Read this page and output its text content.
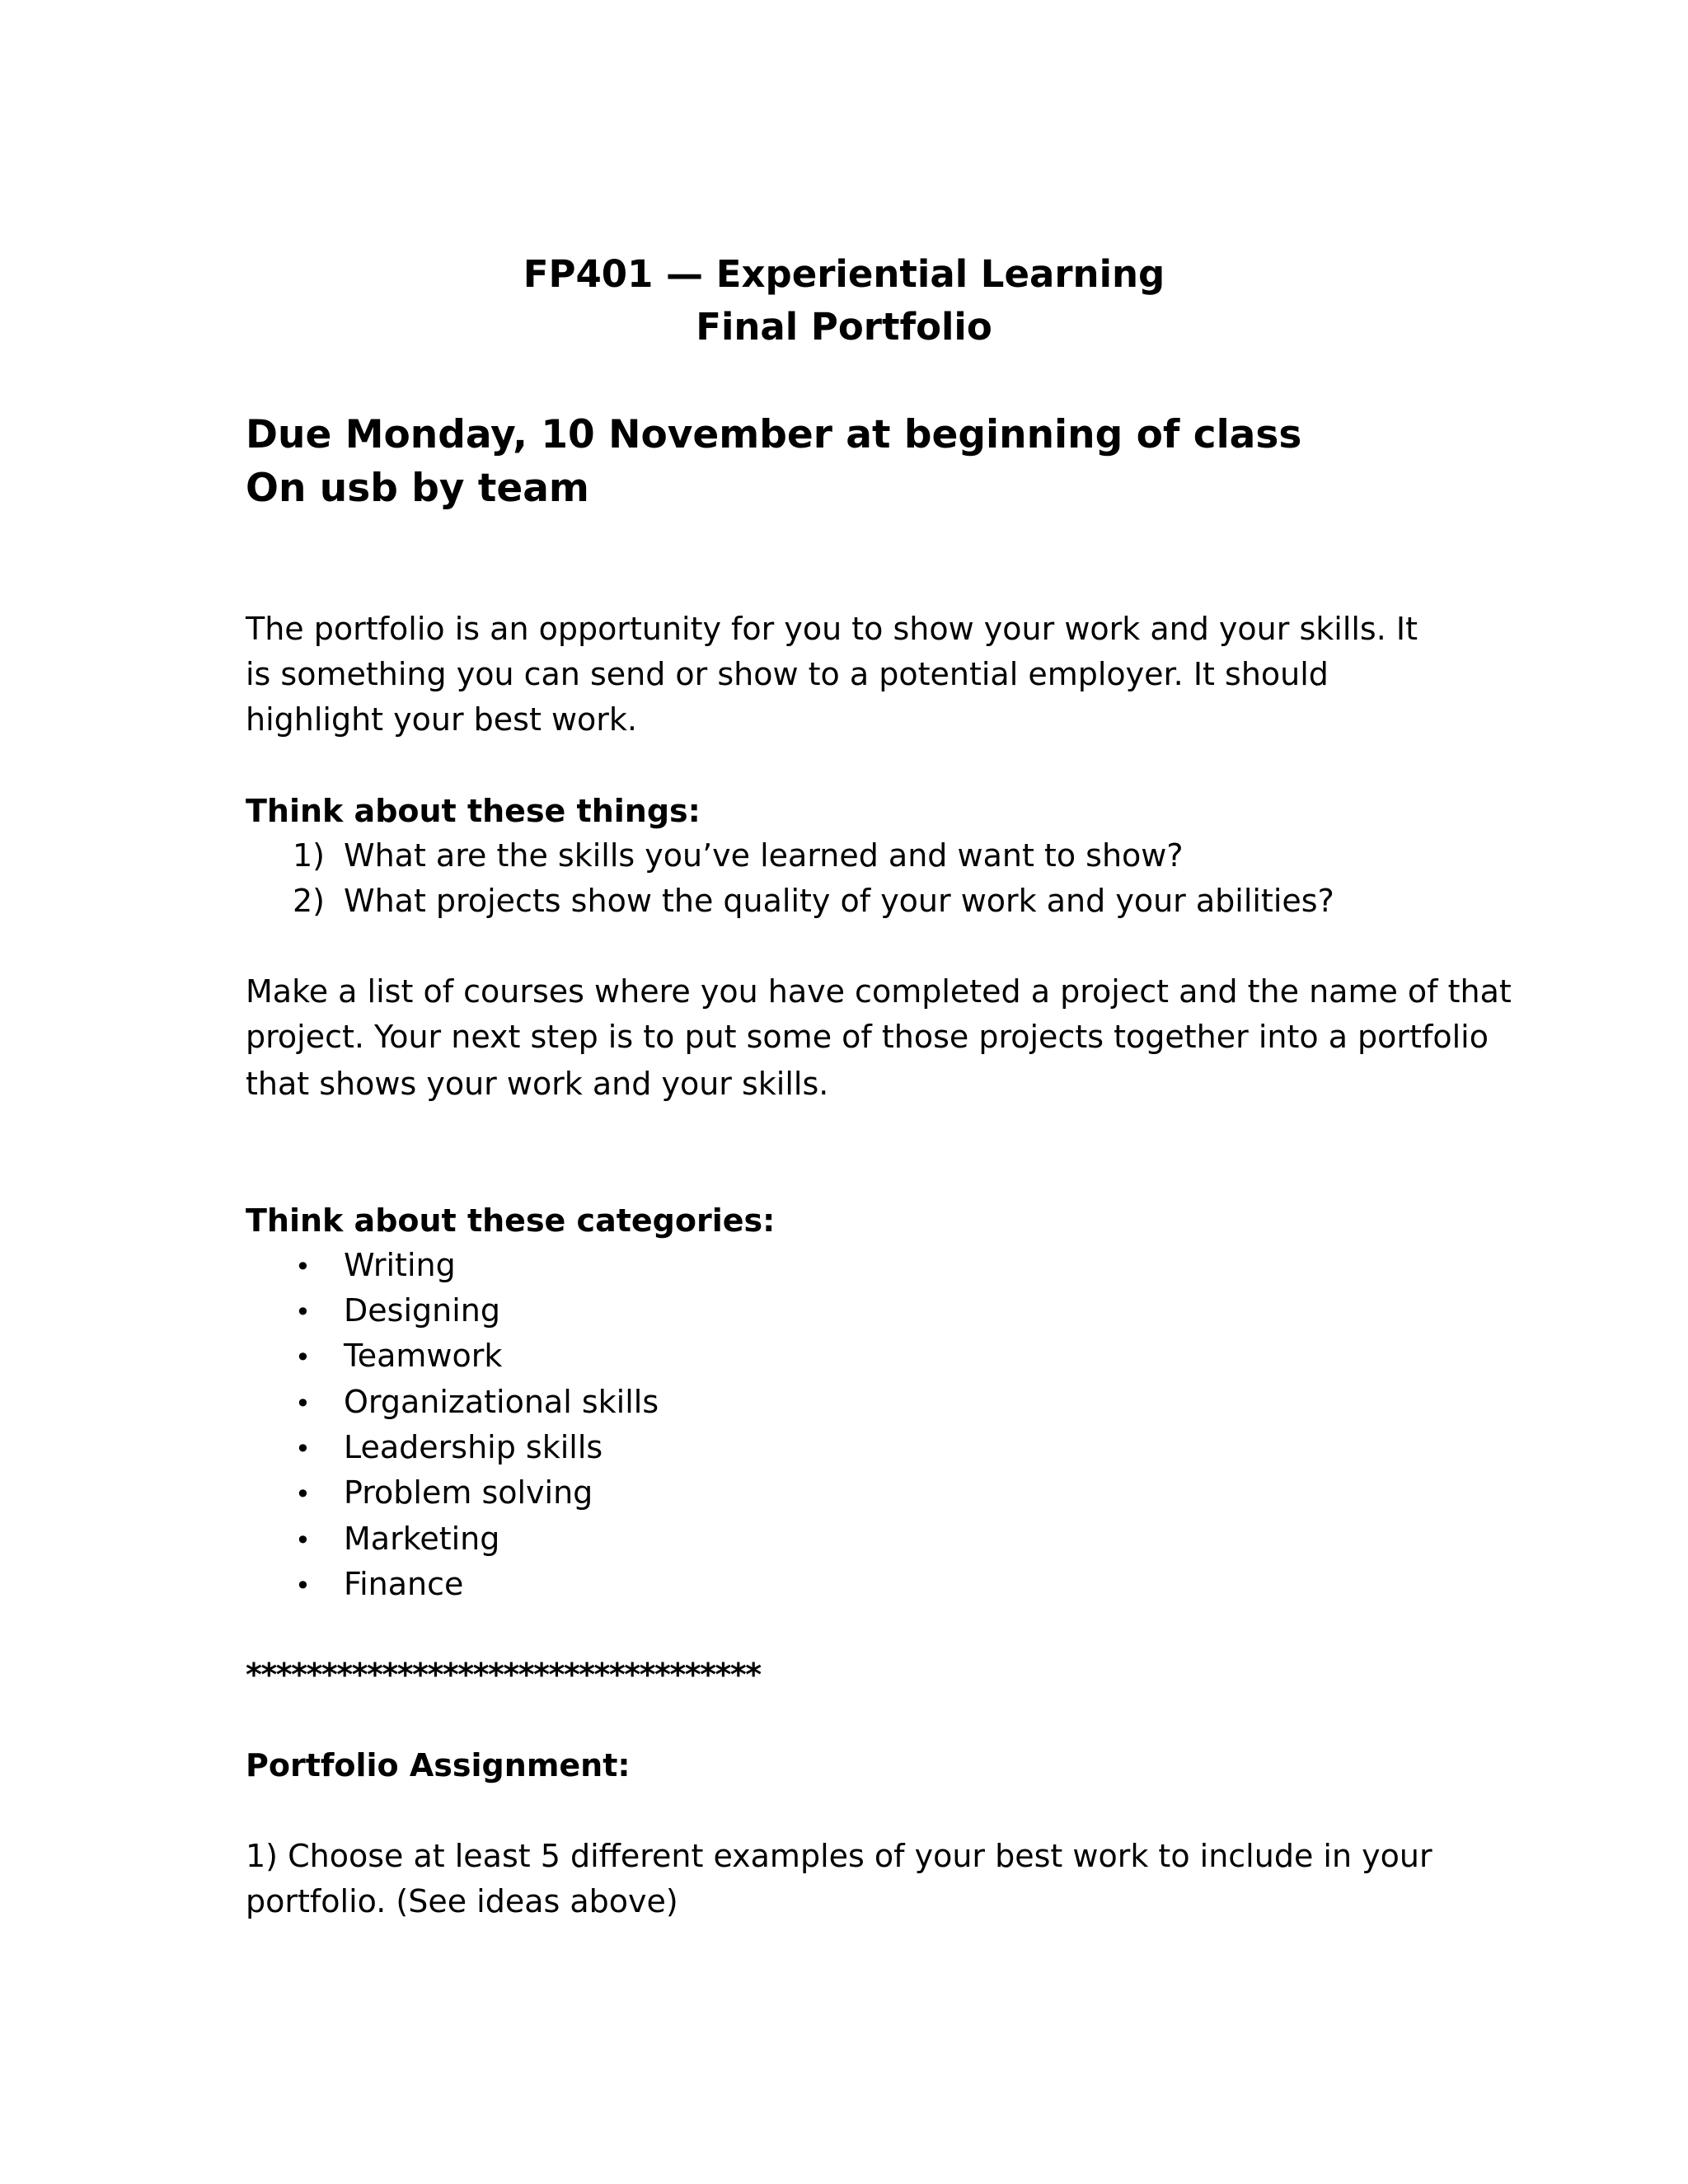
FP401 — Experiential Learning
Final Portfolio
Due Monday, 10 November at beginning of class
On usb by team
The portfolio is an opportunity for you to show your work and your skills. It
is something you can send or show to a potential employer. It should
highlight your best work.
Think about these things:
1) What are the skills you’ve learned and want to show?
2) What projects show the quality of your work and your abilities?
Make a list of courses where you have completed a project and the name of that
project. Your next step is to put some of those projects together into a portfolio
that shows your work and your skills.
Think about these categories:
• Writing
• Designing
• Teamwork
• Organizational skills
• Leadership skills
• Problem solving
• Marketing
• Finance
**********************************
Portfolio Assignment:
1) Choose at least 5 different examples of your best work to include in your
portfolio. (See ideas above)
